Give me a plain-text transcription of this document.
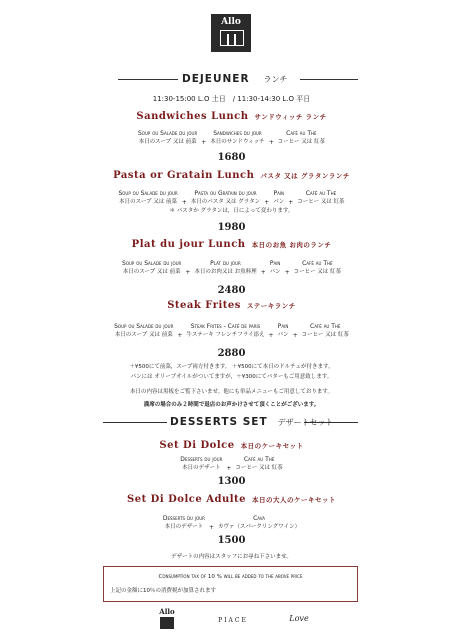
Allo
DEJEUNER ランチ
11:30-15:00 L.O 土日　/ 11:30-14:30 L.O 平日
Sandwiches Lunch サンドウィッチ ランチ
Soup ou Salade du jour
本日のスープ 又は 前菜 +
Sandwiches du jour
本日のサンドウィッチ +
Café au Thé
コーヒー 又は 紅茶
1680
Pasta or Gratain Lunch パスタ 又は グラタンランチ
Soup ou Salade du jour
本日のスープ 又は 前菜 +
Pasta ou Gratain du jour
本日のパスタ 又は グラタン +
Pain
パン +
Café au Thé
コーヒー 又は 紅茶
＊ パスタか グラタンは，日によって変わります。
1980
Plat du jour Lunch 本日のお魚 お肉のランチ
Soup ou Salade du jour
本日のスープ 又は 前菜 +
Plat du jour
本日のお肉又は お魚料理 +
Pain
パン +
Café au Thé
コーヒー 又は 紅茶
2480
Steak Frites ステーキランチ
Soup ou Salade du jour
本日のスープ 又は 前菜 +
Steak Frites - Café de paris
牛ステーキ フレンチフライ添え +
Pain
パン +
Café au Thé
コーヒー 又は 紅茶
2880
＋¥500にて前菜，スープ両方付きます。 ＋¥500にて本日のドルチェが付きます。
パンには オリーブオイルがついてますが，＋¥300にてバターもご用意致します。
本日の内容は黒板をご覧下さいませ。他にも単品メニューもご用意しております。
満席の場合のみ２時間で退店のお声かけさせて頂くことがございます。
DESSERTS SET デザートセット
Set Di Dolce 本日のケーキセット
Desserts du jour
本日のデザート +
Café au Thé
コーヒー 又は 紅茶
1300
Set Di Dolce Adulte 本日の大人のケーキセット
Desserts du jour
本日のデザート +
Cava
カヴァ（スパークリングワイン）
1500
デザートの内容はスタッフにお尋ね下さいませ。
Consumption tax of 10 % will be added to the above price
上記の金額に10％の消費税が加算されます
Allo
PIACE	Love
